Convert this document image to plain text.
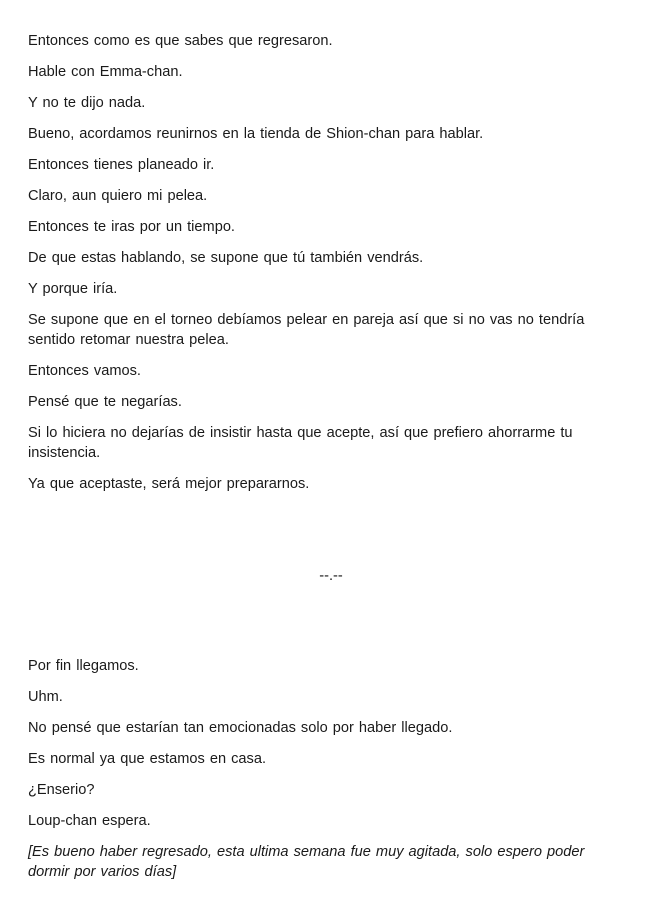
Entonces como es que sabes que regresaron.

Hable con Emma-chan.

Y no te dijo nada.

Bueno, acordamos reunirnos en la tienda de Shion-chan para hablar.

Entonces tienes planeado ir.

Claro, aun quiero mi pelea.

Entonces te iras por un tiempo.

De que estas hablando, se supone que tú también vendrás.

Y porque iría.

Se supone que en el torneo debíamos pelear en pareja así que si no vas no tendría sentido retomar nuestra pelea.

Entonces vamos.

Pensé que te negarías.

Si lo hiciera no dejarías de insistir hasta que acepte, así que prefiero ahorrarme tu insistencia.

Ya que aceptaste, será mejor prepararnos.

--.--

Por fin llegamos.

Uhm.

No pensé que estarían tan emocionadas solo por haber llegado.

Es normal ya que estamos en casa.

¿Enserio?

Loup-chan espera.

[Es bueno haber regresado, esta ultima semana fue muy agitada, solo espero poder dormir por varios días]
